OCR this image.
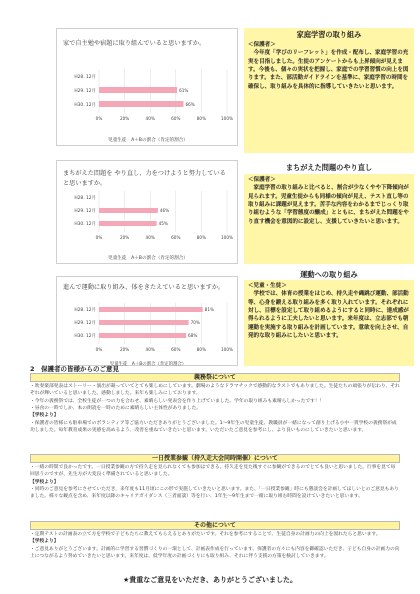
家で自主勉や宿題に取り組んでいると思いますか。
0%	20%	40%	60%	80%	100%
H28. 12月
H29. 12月	61%
H30. 12月	66%
児童生徒　A＋Bの割合（肯定的割合）
家庭学習の取り組み
＜保護者＞
　今年度「学びのリーフレット」を作成・配布し、家庭学習の充実を目指しました。生徒のアンケートからも上昇傾向が見えます。今後も、個々の実状を把握し、家庭での学習習慣の向上を図ります。また、部活動ガイドラインを基準に、家庭学習の時間を確保し、取り組みを具体的に指導していきたいと思います。
まちがえた問題を やり直し、力をつけようと努力していると思いますか。
0%	20%	40%	60%	80%	100%
H28. 12月
H29. 12月	46%
H30. 12月	45%
児童生徒　A＋Bの割合（肯定的割合）
まちがえた問題のやり直し
＜保護者＞
　家庭学習の取り組みと比べると、割合が少なくやや下降傾向が見られます。児童生徒からも同様の傾向が見え、テスト直し等の取り組みに課題が見えます。苦手な内容をわかるまでじっくり取り組むような「学習態度の醸成」とともに、まちがえた問題をやり直す機会を意図的に設定し、支援していきたいと思います。
進んで運動に取り組み、体をきたえていると思いますか。
0%	20%	40%	60%	80%	100%
H28. 12月	81%
H29. 12月	70%
H30. 12月	68%
児童生徒　A＋Bの割合（肯定的割合）
運動への取り組み
＜児童・生徒＞
　学校では、体育の授業をはじめ、持久走や縄跳び運動、部活動等、心身を鍛える取り組みを多く取り入れています。それぞれに対し、目標を設定して取り組めるようにすると同時に、達成感が得られるように工夫したいと思います。来年度は、立志部でも朝運動を実施する取り組みを計画しています。意欲を向上させ、自発的な取り組みにしたいと思います。
2　保護者の皆様からのご意見
義務祭について
・吹奏楽部発表はストーリー・演出が凝っていてとても楽しめにしています。劇場のようなドラマチックで感動的なラストでもありました。生徒たちの頑張りが伝わり、それぞれが輝いていると思いました。感動しました。来年も楽しみにしております。
・今年の義務祭では、全校生徒が一つの力を合わせ、素晴らしい発表会を作り上げていました。学年の取り組みも素晴らしかったです！！
・昼食の一時でしか、本の朗読を一時のために素晴らしい主体性がありました。
【学校より】
・保護者の皆様にも駐車場でのボランティア等ご協力いただきありがとうございました。1〜9年生の児童生徒、教職員が一緒になって創り上げる小中一貫学校の義務祭が成功しました。毎年教育成果の実感を高めるよう、改善を重ねていきたいと思います。いただいたご意見を参考にし、より良いものにしていきたいと思います。
一日授業参観（持久走大会同時開催）について
・一緒の時間で良かったです。一日授業参観の方で持久走を見られなくても参加はできる。持久走を見た後すぐに参観ができるのでとても良いと思いました。行事を見て毎回思うのですが、先生方が大変良く準備されていると思いました。
【学校より】
・同時のご意見を参考にさせていただき、来年度も11月頃にこの形で実施していきたいと思います。また、「一日授業参観」時にも懇談会を計画してほしいとのご意見もありました。様々な観点を含め、来年度以降のキャリアガイダンス（三者面談）等を行い、1年生〜9年生まで一緒に取り組む時間を設けていきたいと思います。
その他について
・定期テストの計画表の立て方を学校で子どもたちに教えてもらえるとありがたいです。それを参考にすることで、生徒自身の計画力の向上を図れたらと思います。
【学校より】
・ご意見ありがとうございます。計画的に学習する習慣づくりの一環として、計画表作成を行っています。保護者の方々にも内容を御確認いただき、子ども自身の計画力の向上につながるよう努めていきたいと思います。来年度は、低学年度の計画づくりにも取り組み、それに伴う支援の方策を検討していきます。
★貴重なご意見をいただき、ありがとうございました。
